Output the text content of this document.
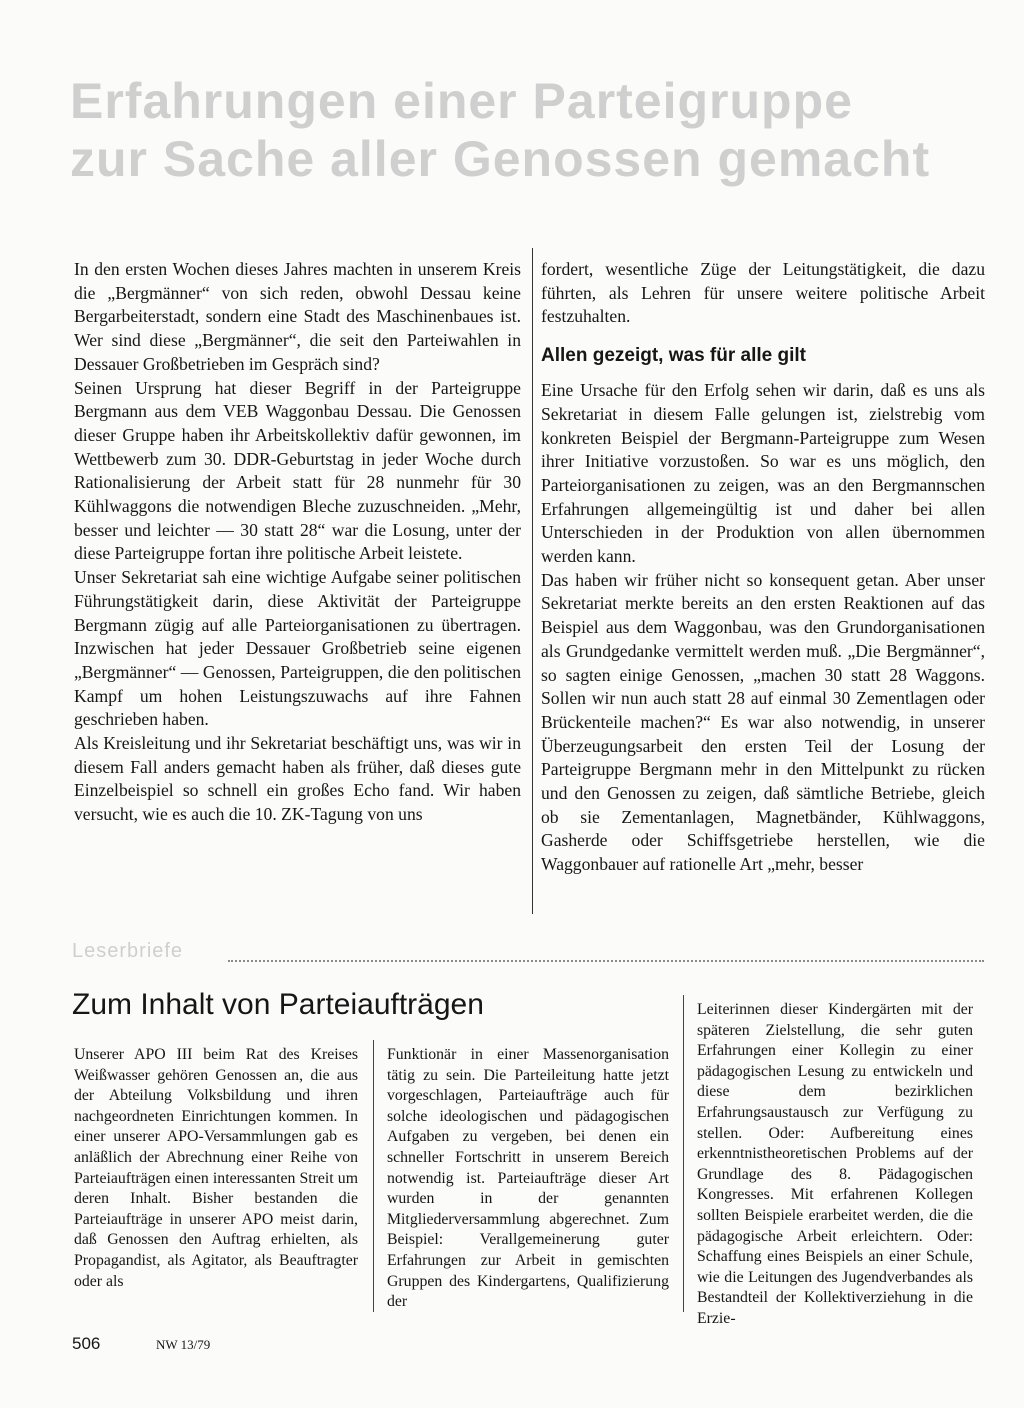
Erfahrungen einer Parteigruppe
zur Sache aller Genossen gemacht

In den ersten Wochen dieses Jahres machten in unserem Kreis die „Bergmänner“ von sich reden, obwohl Dessau keine Bergarbeiterstadt, sondern eine Stadt des Maschinenbaues ist. Wer sind diese „Bergmänner“, die seit den Parteiwahlen in Dessauer Großbetrieben im Gespräch sind?

Seinen Ursprung hat dieser Begriff in der Parteigruppe Bergmann aus dem VEB Waggonbau Dessau. Die Genossen dieser Gruppe haben ihr Arbeitskollektiv dafür gewonnen, im Wettbewerb zum 30. DDR-Geburtstag in jeder Woche durch Rationalisierung der Arbeit statt für 28 nunmehr für 30 Kühlwaggons die notwendigen Bleche zuzuschneiden. „Mehr, besser und leichter — 30 statt 28“ war die Losung, unter der diese Parteigruppe fortan ihre politische Arbeit leistete.

Unser Sekretariat sah eine wichtige Aufgabe seiner politischen Führungstätigkeit darin, diese Aktivität der Parteigruppe Bergmann zügig auf alle Parteiorganisationen zu übertragen. Inzwischen hat jeder Dessauer Großbetrieb seine eigenen „Bergmänner“ — Genossen, Parteigruppen, die den politischen Kampf um hohen Leistungszuwachs auf ihre Fahnen geschrieben haben.

Als Kreisleitung und ihr Sekretariat beschäftigt uns, was wir in diesem Fall anders gemacht haben als früher, daß dieses gute Einzelbeispiel so schnell ein großes Echo fand. Wir haben versucht, wie es auch die 10. ZK-Tagung von uns

fordert, wesentliche Züge der Leitungstätigkeit, die dazu führten, als Lehren für unsere weitere politische Arbeit festzuhalten.

Allen gezeigt, was für alle gilt

Eine Ursache für den Erfolg sehen wir darin, daß es uns als Sekretariat in diesem Falle gelungen ist, zielstrebig vom konkreten Beispiel der Bergmann-Parteigruppe zum Wesen ihrer Initiative vorzustoßen. So war es uns möglich, den Parteiorganisationen zu zeigen, was an den Bergmannschen Erfahrungen allgemeingültig ist und daher bei allen Unterschieden in der Produktion von allen übernommen werden kann.

Das haben wir früher nicht so konsequent getan. Aber unser Sekretariat merkte bereits an den ersten Reaktionen auf das Beispiel aus dem Waggonbau, was den Grundorganisationen als Grundgedanke vermittelt werden muß. „Die Bergmänner“, so sagten einige Genossen, „machen 30 statt 28 Waggons. Sollen wir nun auch statt 28 auf einmal 30 Zementlagen oder Brückenteile machen?“ Es war also notwendig, in unserer Überzeugungsarbeit den ersten Teil der Losung der Parteigruppe Bergmann mehr in den Mittelpunkt zu rücken und den Genossen zu zeigen, daß sämtliche Betriebe, gleich ob sie Zementanlagen, Magnetbänder, Kühlwaggons, Gasherde oder Schiffsgetriebe herstellen, wie die Waggonbauer auf rationelle Art „mehr, besser

Leserbriefe
Zum Inhalt von Parteiaufträgen

Unserer APO III beim Rat des Kreises Weißwasser gehören Genossen an, die aus der Abteilung Volksbildung und ihren nachgeordneten Einrichtungen kommen. In einer unserer APO-Versammlungen gab es anläßlich der Abrechnung einer Reihe von Parteiaufträgen einen interessanten Streit um deren Inhalt. Bisher bestanden die Parteiaufträge in unserer APO meist darin, daß Genossen den Auftrag erhielten, als Propagandist, als Agitator, als Beauftragter oder als

Funktionär in einer Massenorganisation tätig zu sein. Die Parteileitung hatte jetzt vorgeschlagen, Parteiaufträge auch für solche ideologischen und pädagogischen Aufgaben zu vergeben, bei denen ein schneller Fortschritt in unserem Bereich notwendig ist. Parteiaufträge dieser Art wurden in der genannten Mitgliederversammlung abgerechnet. Zum Beispiel: Verallgemeinerung guter Erfahrungen zur Arbeit in gemischten Gruppen des Kindergartens, Qualifizierung der

Leiterinnen dieser Kindergärten mit der späteren Zielstellung, die sehr guten Erfahrungen einer Kollegin zu einer pädagogischen Lesung zu entwickeln und diese dem bezirklichen Erfahrungsaustausch zur Verfügung zu stellen. Oder: Aufbereitung eines erkenntnistheoretischen Problems auf der Grundlage des 8. Pädagogischen Kongresses. Mit erfahrenen Kollegen sollten Beispiele erarbeitet werden, die die pädagogische Arbeit erleichtern. Oder: Schaffung eines Beispiels an einer Schule, wie die Leitungen des Jugendverbandes als Bestandteil der Kollektiverziehung in die Erzie-

506	NW 13/79
